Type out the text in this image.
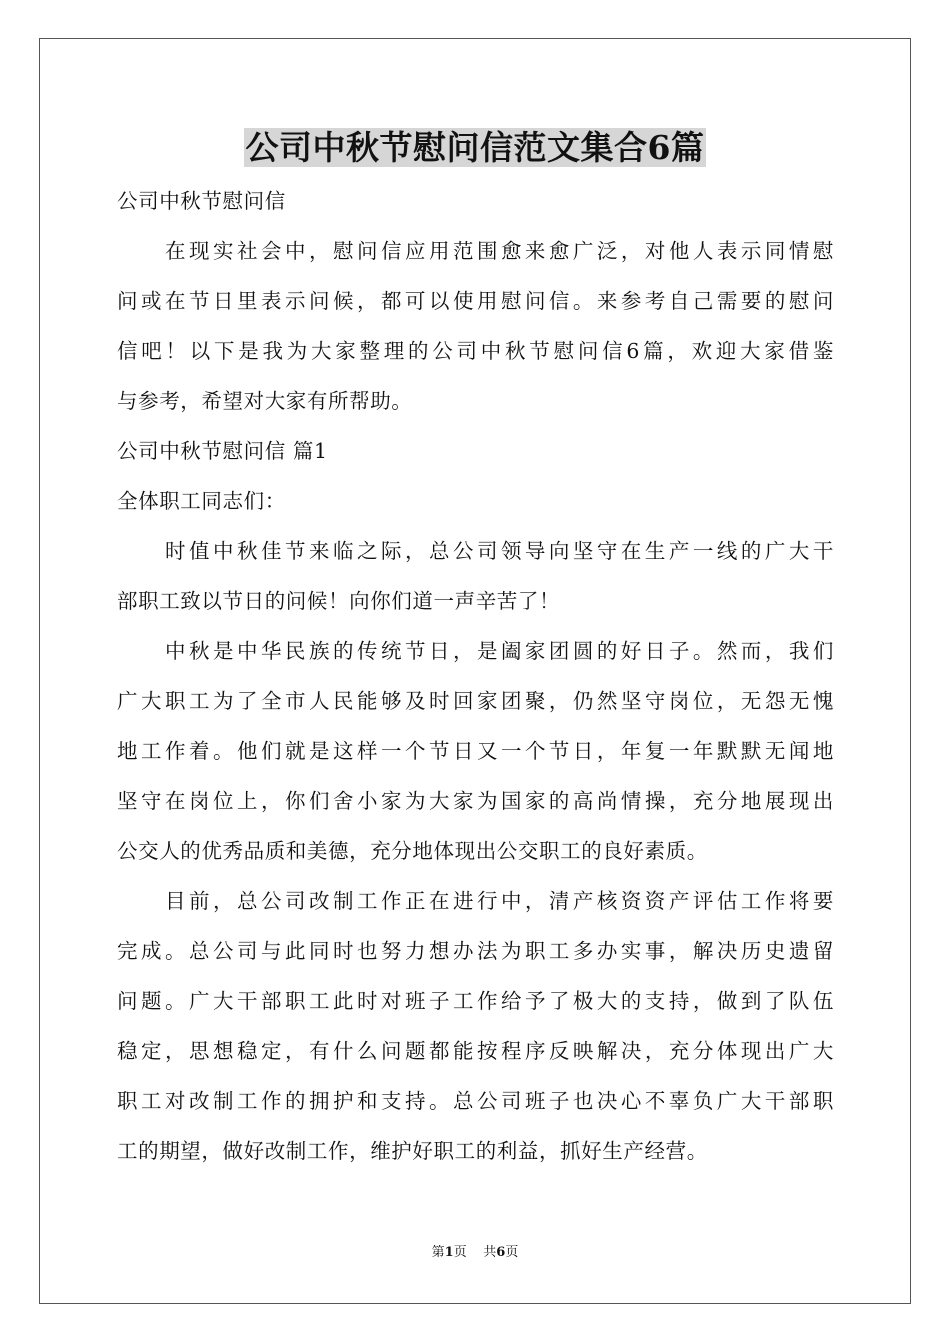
公司中秋节慰问信范文集合6篇
公司中秋节慰问信
在现实社会中，慰问信应用范围愈来愈广泛，对他人表示同情慰
问或在节日里表示问候，都可以使用慰问信。来参考自己需要的慰问
信吧！以下是我为大家整理的公司中秋节慰问信6篇，欢迎大家借鉴
与参考，希望对大家有所帮助。
公司中秋节慰问信 篇1
全体职工同志们：
时值中秋佳节来临之际，总公司领导向坚守在生产一线的广大干
部职工致以节日的问候！向你们道一声辛苦了！
中秋是中华民族的传统节日，是阖家团圆的好日子。然而，我们
广大职工为了全市人民能够及时回家团聚，仍然坚守岗位，无怨无愧
地工作着。他们就是这样一个节日又一个节日，年复一年默默无闻地
坚守在岗位上，你们舍小家为大家为国家的高尚情操，充分地展现出
公交人的优秀品质和美德，充分地体现出公交职工的良好素质。
目前，总公司改制工作正在进行中，清产核资资产评估工作将要
完成。总公司与此同时也努力想办法为职工多办实事，解决历史遗留
问题。广大干部职工此时对班子工作给予了极大的支持，做到了队伍
稳定，思想稳定，有什么问题都能按程序反映解决，充分体现出广大
职工对改制工作的拥护和支持。总公司班子也决心不辜负广大干部职
工的期望，做好改制工作，维护好职工的利益，抓好生产经营。
第1页 共6页
